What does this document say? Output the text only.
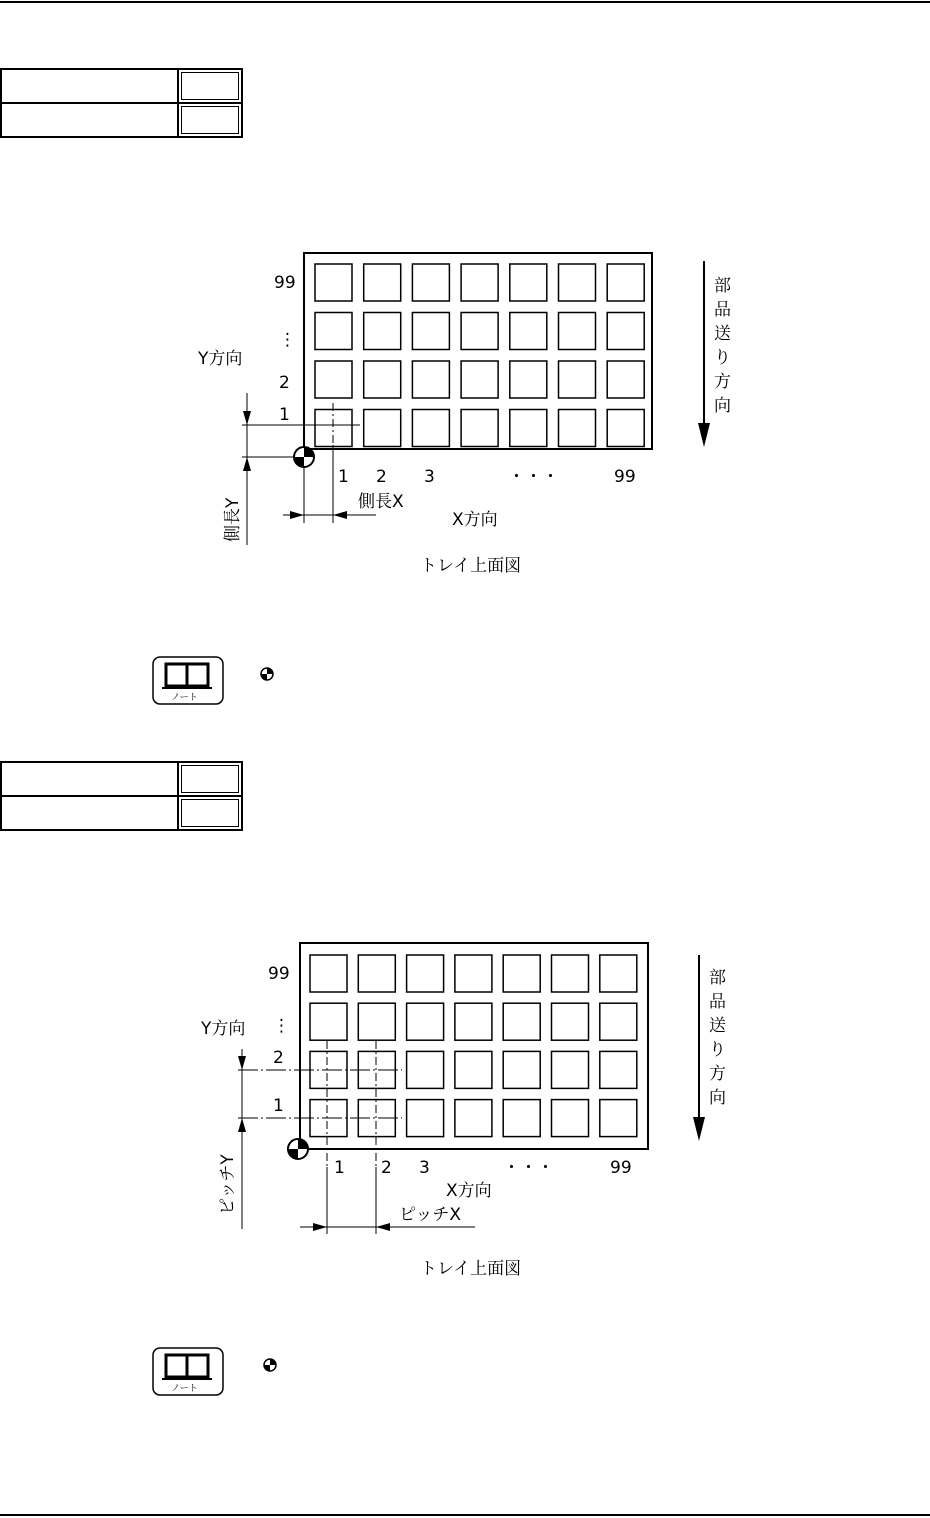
99
⋮
2
1
Y方向
側長Y
1 2 3	・・・	99
側長X
X方向
部
品
送
り
方
向
トレイ上面図
ノート

99
⋮
2
1
Y方向
ピッチY	1 2 3	・・・	99
X方向
ピッチX
部
品
送
り
方
向
トレイ上面図
ノート
